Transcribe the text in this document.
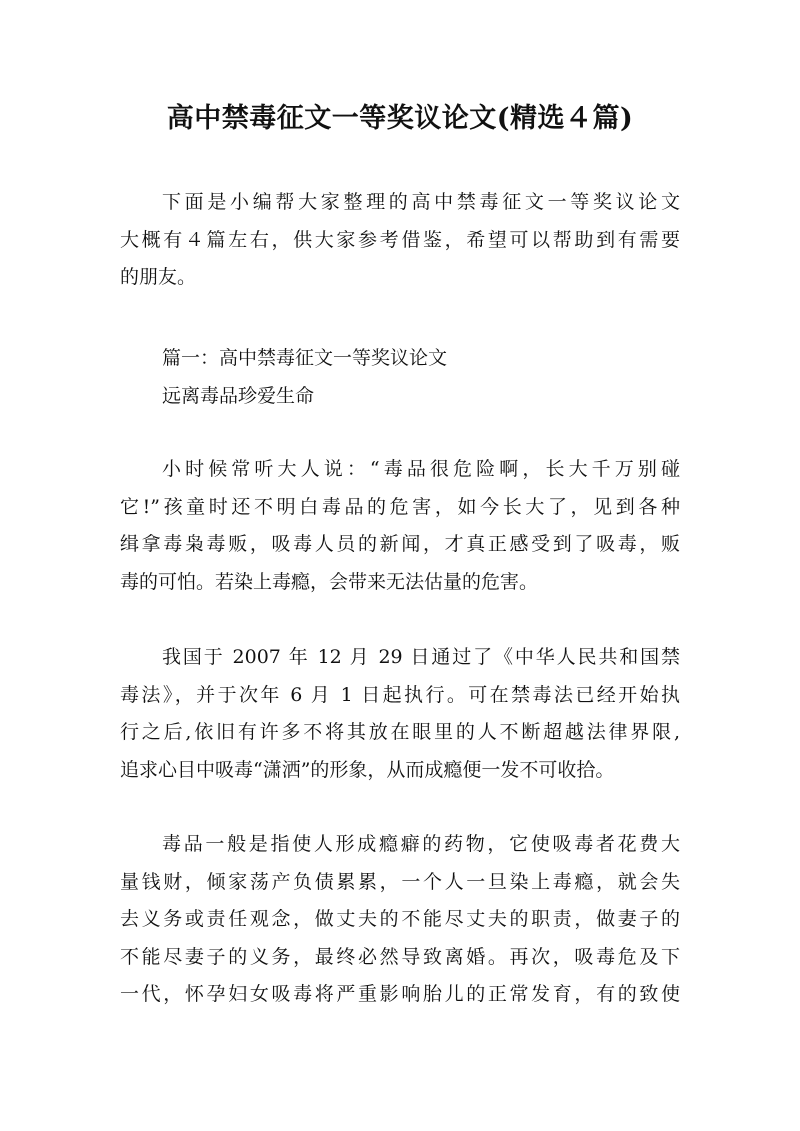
高中禁毒征文一等奖议论文(精选４篇)
下面是小编帮大家整理的高中禁毒征文一等奖议论文
大概有４篇左右，供大家参考借鉴，希望可以帮助到有需要
的朋友。
篇一：高中禁毒征文一等奖议论文
远离毒品珍爱生命
小时候常听大人说：“毒品很危险啊，长大千万别碰
它!”孩童时还不明白毒品的危害，如今长大了，见到各种
缉拿毒枭毒贩，吸毒人员的新闻，才真正感受到了吸毒，贩
毒的可怕。若染上毒瘾，会带来无法估量的危害。
我国于 2007 年 12 月 29 日通过了《中华人民共和国禁
毒法》，并于次年 6 月 1 日起执行。可在禁毒法已经开始执
行之后,依旧有许多不将其放在眼里的人不断超越法律界限,
追求心目中吸毒“潇洒”的形象，从而成瘾便一发不可收拾。
毒品一般是指使人形成瘾癖的药物，它使吸毒者花费大
量钱财，倾家荡产负债累累，一个人一旦染上毒瘾，就会失
去义务或责任观念，做丈夫的不能尽丈夫的职责，做妻子的
不能尽妻子的义务，最终必然导致离婚。再次，吸毒危及下
一代，怀孕妇女吸毒将严重影响胎儿的正常发育，有的致使
